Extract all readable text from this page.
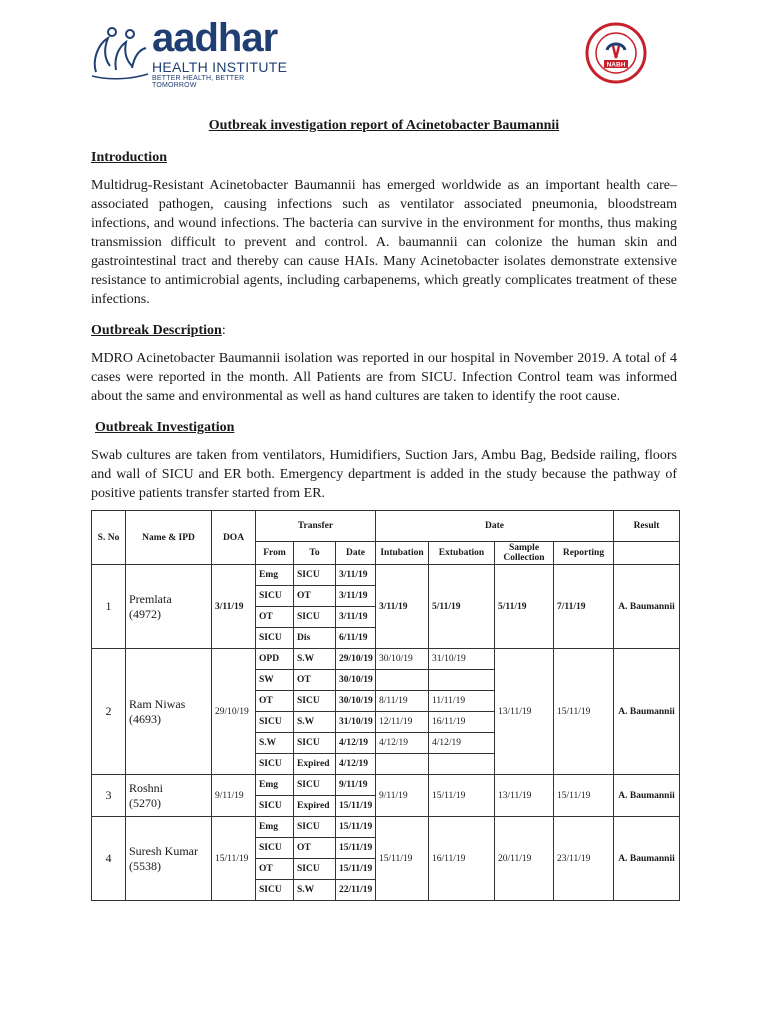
aadhar
HEALTH INSTITUTE
BETTER HEALTH, BETTER TOMORROW
NABH
Outbreak investigation report of Acinetobacter Baumannii
Introduction

Multidrug-Resistant Acinetobacter Baumannii has emerged worldwide as an important health care–associated pathogen, causing infections such as ventilator associated pneumonia, bloodstream infections, and wound infections. The bacteria can survive in the environment for months, thus making transmission difficult to prevent and control. A. baumannii can colonize the human skin and gastrointestinal tract and thereby can cause HAIs. Many Acinetobacter isolates demonstrate extensive resistance to antimicrobial agents, including carbapenems, which greatly complicates treatment of these infections.

Outbreak Description:

MDRO Acinetobacter Baumannii isolation was reported in our hospital in November 2019. A total of 4 cases were reported in the month. All Patients are from SICU. Infection Control team was informed about the same and environmental as well as hand cultures are taken to identify the root cause.

Outbreak Investigation

Swab cultures are taken from ventilators, Humidifiers, Suction Jars, Ambu Bag, Bedside railing, floors and wall of SICU and ER both. Emergency department is added in the study because the pathway of positive patients transfer started from ER.

S. No	Name & IPD	DOA	Transfer			Date				Result
			From	To	Date	Intubation	Extubation	Sample Collection	Reporting	
1	Premlata
(4972)	3/11/19	Emg	SICU	3/11/19	3/11/19	5/11/19	5/11/19	7/11/19	A. Baumannii
			SICU	OT	3/11/19					
			OT	SICU	3/11/19					
			SICU	Dis	6/11/19					
2	Ram Niwas
(4693)	29/10/19	OPD	S.W	29/10/19	30/10/19	31/10/19	13/11/19	15/11/19	A. Baumannii
			SW	OT	30/10/19					
			OT	SICU	30/10/19	8/11/19	11/11/19			
			SICU	S.W	31/10/19	12/11/19	16/11/19			
			S.W	SICU	4/12/19	4/12/19	4/12/19			
			SICU	Expired	4/12/19					
3	Roshni
(5270)	9/11/19	Emg	SICU	9/11/19	9/11/19	15/11/19	13/11/19	15/11/19	A. Baumannii
			SICU	Expired	15/11/19					
4	Suresh Kumar
(5538)	15/11/19	Emg	SICU	15/11/19	15/11/19	16/11/19	20/11/19	23/11/19	A. Baumannii
			SICU	OT	15/11/19					
			OT	SICU	15/11/19					
			SICU	S.W	22/11/19					
